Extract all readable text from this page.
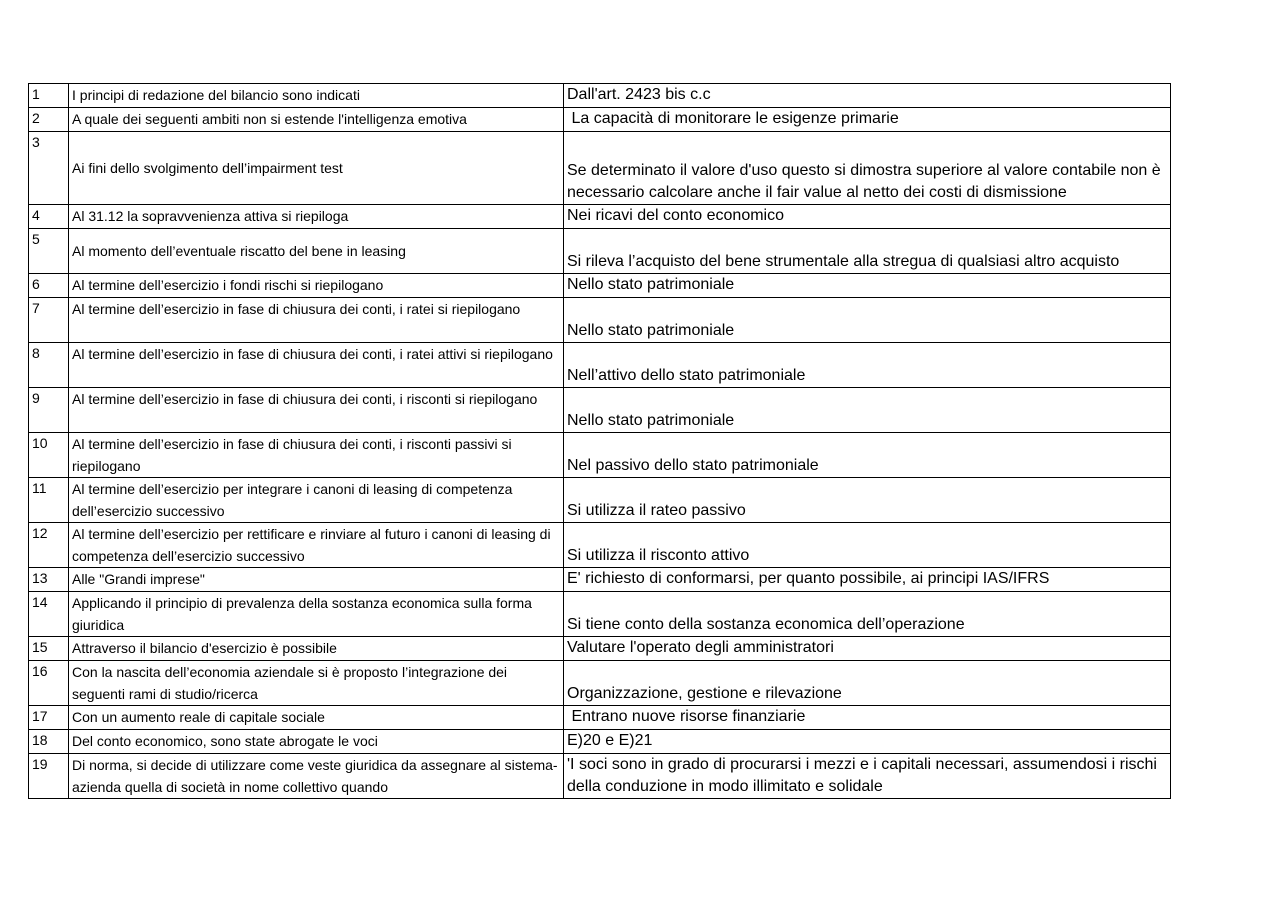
1	I principi di redazione del bilancio sono indicati	Dall'art. 2423 bis c.c
2	A quale dei seguenti ambiti non si estende l'intelligenza emotiva	La capacità di monitorare le esigenze primarie
3	Ai fini dello svolgimento dell’impairment test	Se determinato il valore d'uso questo si dimostra superiore al valore contabile non è necessario calcolare anche il fair value al netto dei costi di dismissione
4	Al 31.12 la sopravvenienza attiva si riepiloga	Nei ricavi del conto economico
5	Al momento dell’eventuale riscatto del bene in leasing	Si rileva l’acquisto del bene strumentale alla stregua di qualsiasi altro acquisto
6	Al termine dell’esercizio i fondi rischi si riepilogano	Nello stato patrimoniale
7	Al termine dell’esercizio in fase di chiusura dei conti, i ratei si riepilogano	Nello stato patrimoniale
8	Al termine dell’esercizio in fase di chiusura dei conti, i ratei attivi si riepilogano	Nell’attivo dello stato patrimoniale
9	Al termine dell’esercizio in fase di chiusura dei conti, i risconti si riepilogano	Nello stato patrimoniale
10	Al termine dell’esercizio in fase di chiusura dei conti, i risconti passivi si riepilogano	Nel passivo dello stato patrimoniale
11	Al termine dell’esercizio per integrare i canoni di leasing di competenza dell’esercizio successivo	Si utilizza il rateo passivo
12	Al termine dell’esercizio per rettificare e rinviare al futuro i canoni di leasing di competenza dell’esercizio successivo	Si utilizza il risconto attivo
13	Alle "Grandi imprese"	E' richiesto di conformarsi, per quanto possibile, ai principi IAS/IFRS
14	Applicando il principio di prevalenza della sostanza economica sulla forma giuridica	Si tiene conto della sostanza economica dell’operazione
15	Attraverso il bilancio d'esercizio è possibile	Valutare l'operato degli amministratori
16	Con la nascita dell’economia aziendale si è proposto l’integrazione dei seguenti rami di studio/ricerca	Organizzazione, gestione e rilevazione
17	Con un aumento reale di capitale sociale	Entrano nuove risorse finanziarie
18	Del conto economico, sono state abrogate le voci	E)20 e E)21
19	Di norma, si decide di utilizzare come veste giuridica da assegnare al sistema-azienda quella di società in nome collettivo quando	'I soci sono in grado di procurarsi i mezzi e i capitali necessari, assumendosi i rischi della conduzione in modo illimitato e solidale
